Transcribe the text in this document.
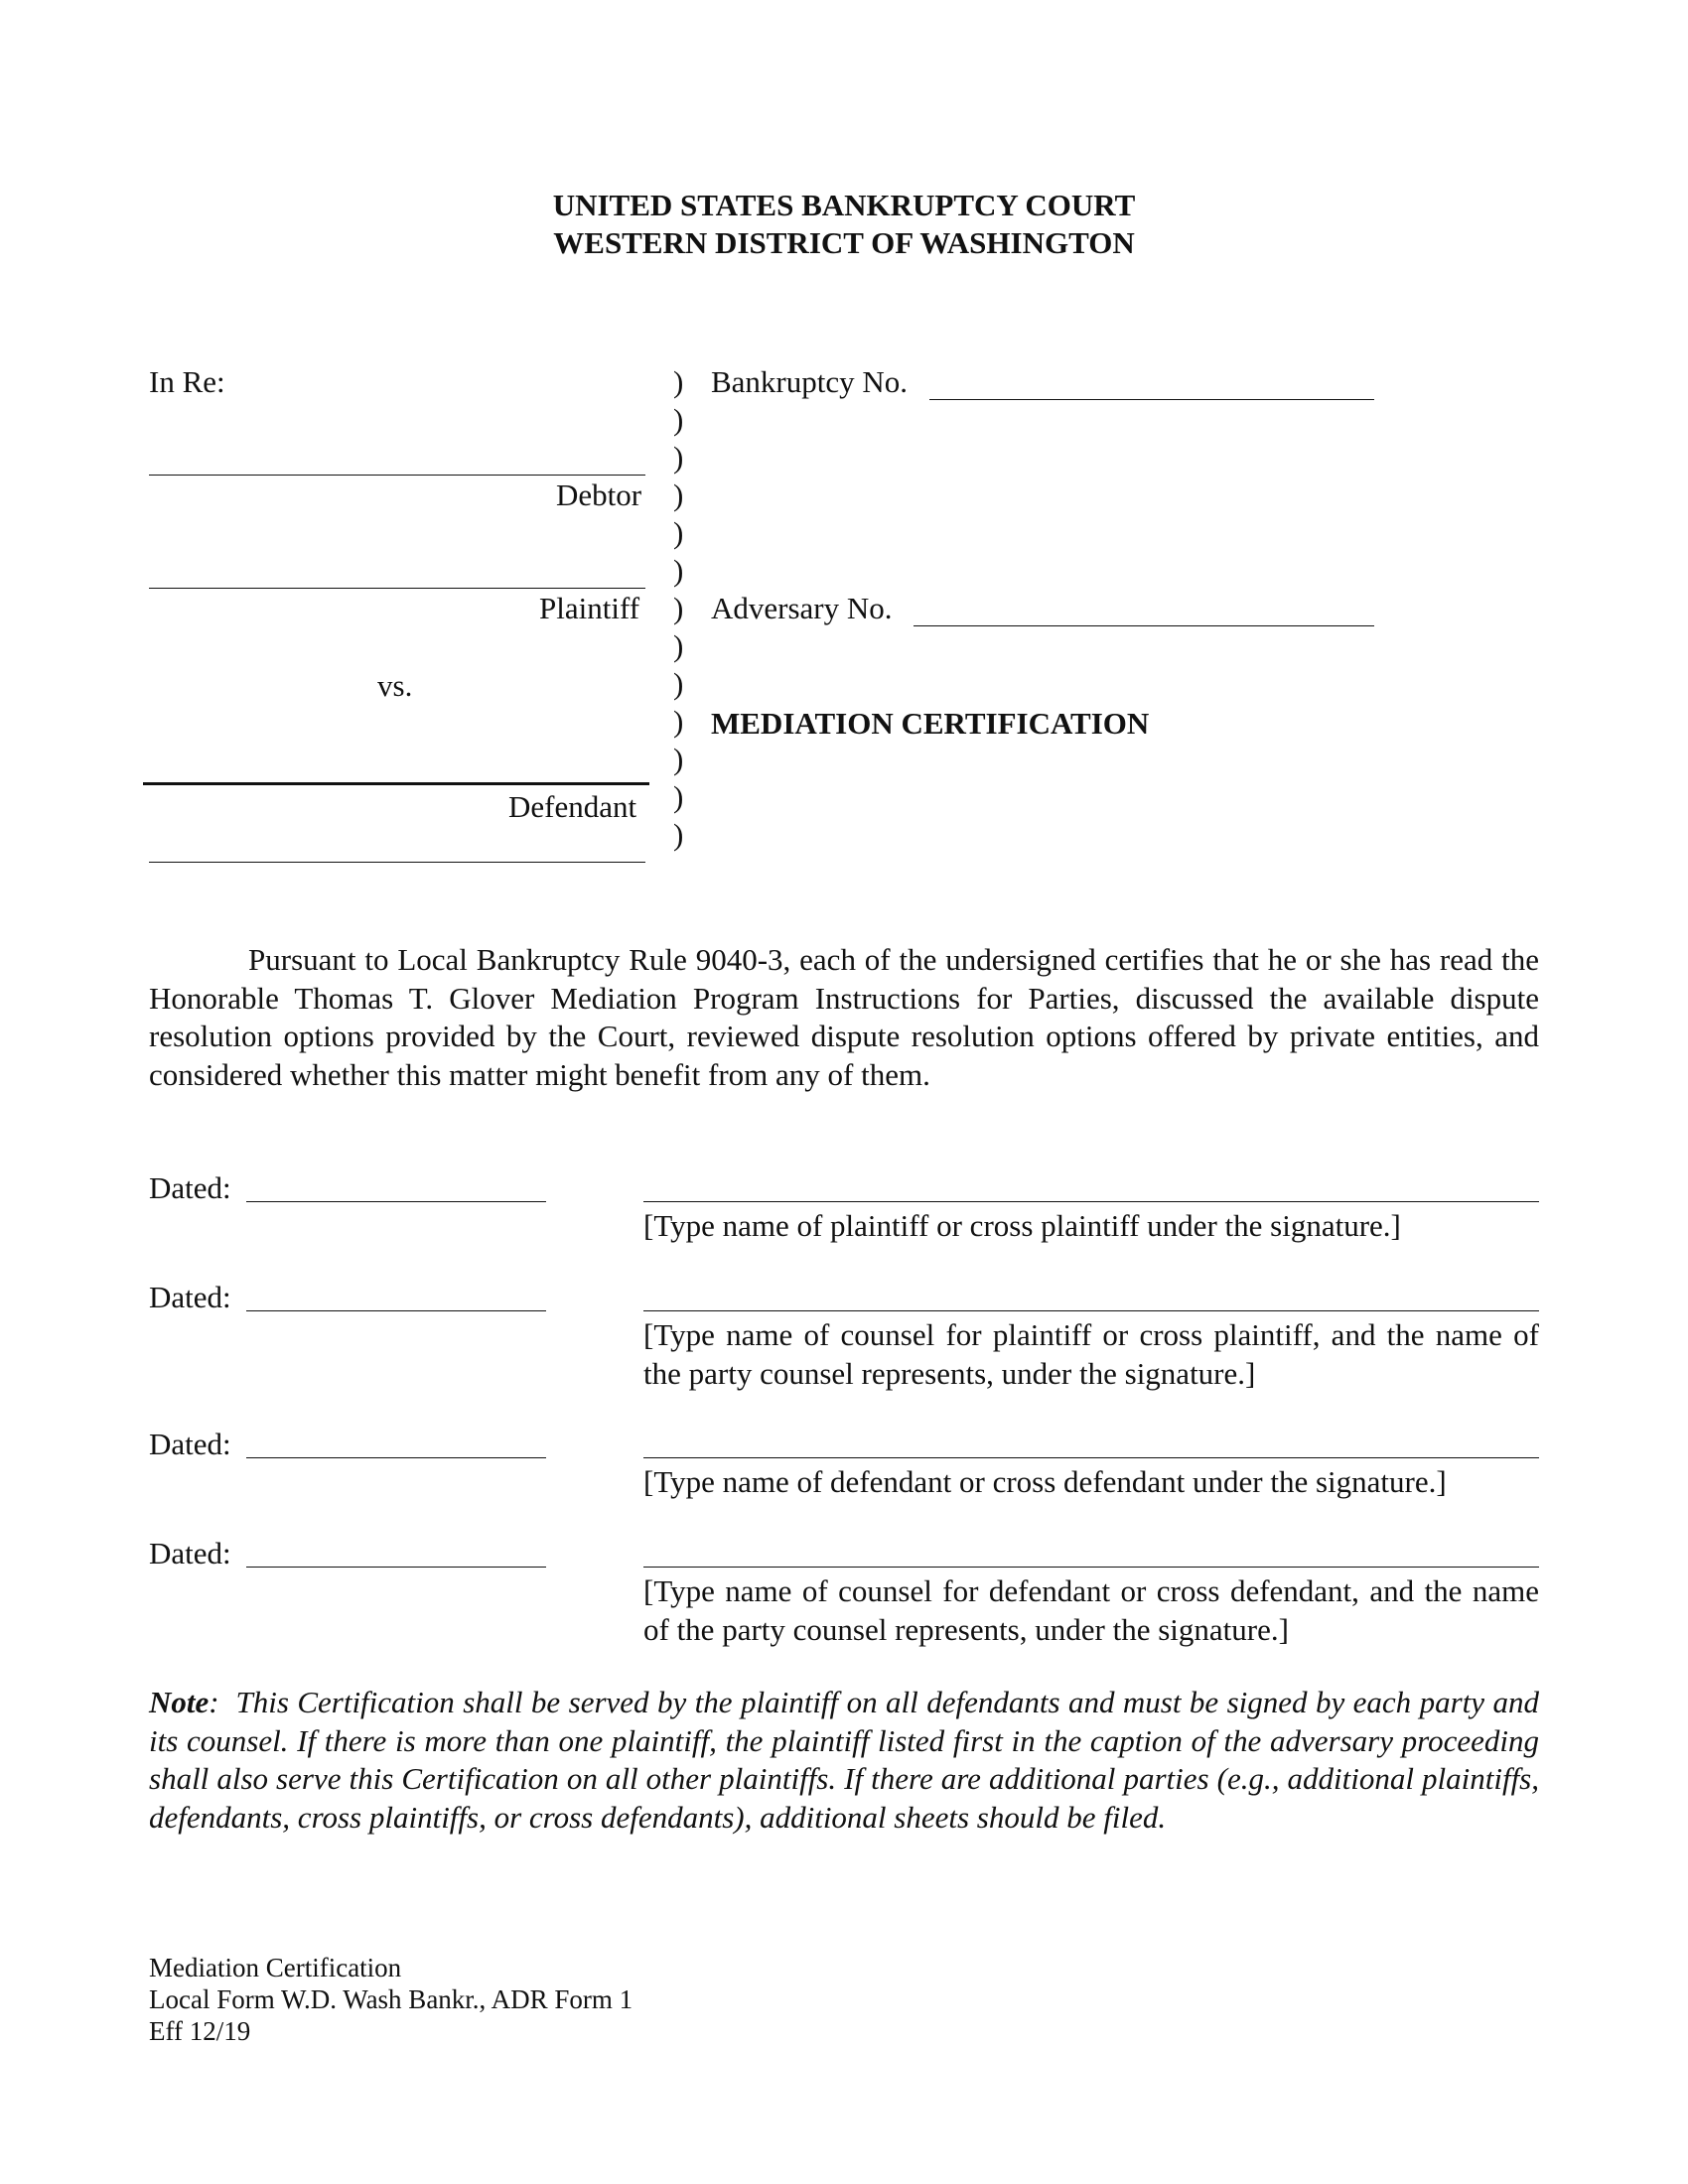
UNITED STATES BANKRUPTCY COURT
WESTERN DISTRICT OF WASHINGTON
In Re:
Debtor
Plaintiff
vs.
Defendant
)
)
)
)
)
)
)
)
)
)
)
)
)
Bankruptcy No.
Adversary No.
MEDIATION CERTIFICATION
Pursuant to Local Bankruptcy Rule 9040-3, each of the undersigned certifies that he or she has read the Honorable Thomas T. Glover Mediation Program Instructions for Parties, discussed the available dispute resolution options provided by the Court, reviewed dispute resolution options offered by private entities, and considered whether this matter might benefit from any of them.
Dated:
[Type name of plaintiff or cross plaintiff under the signature.]
Dated:
[Type name of counsel for plaintiff or cross plaintiff, and the name of the party counsel represents, under the signature.]
Dated:
[Type name of defendant or cross defendant under the signature.]
Dated:
[Type name of counsel for defendant or cross defendant, and the name of the party counsel represents, under the signature.]
Note:  This Certification shall be served by the plaintiff on all defendants and must be signed by each party and its counsel. If there is more than one plaintiff, the plaintiff listed first in the caption of the adversary proceeding shall also serve this Certification on all other plaintiffs. If there are additional parties (e.g., additional plaintiffs, defendants, cross plaintiffs, or cross defendants), additional sheets should be filed.
Mediation Certification
Local Form W.D. Wash Bankr., ADR Form 1
Eff 12/19
